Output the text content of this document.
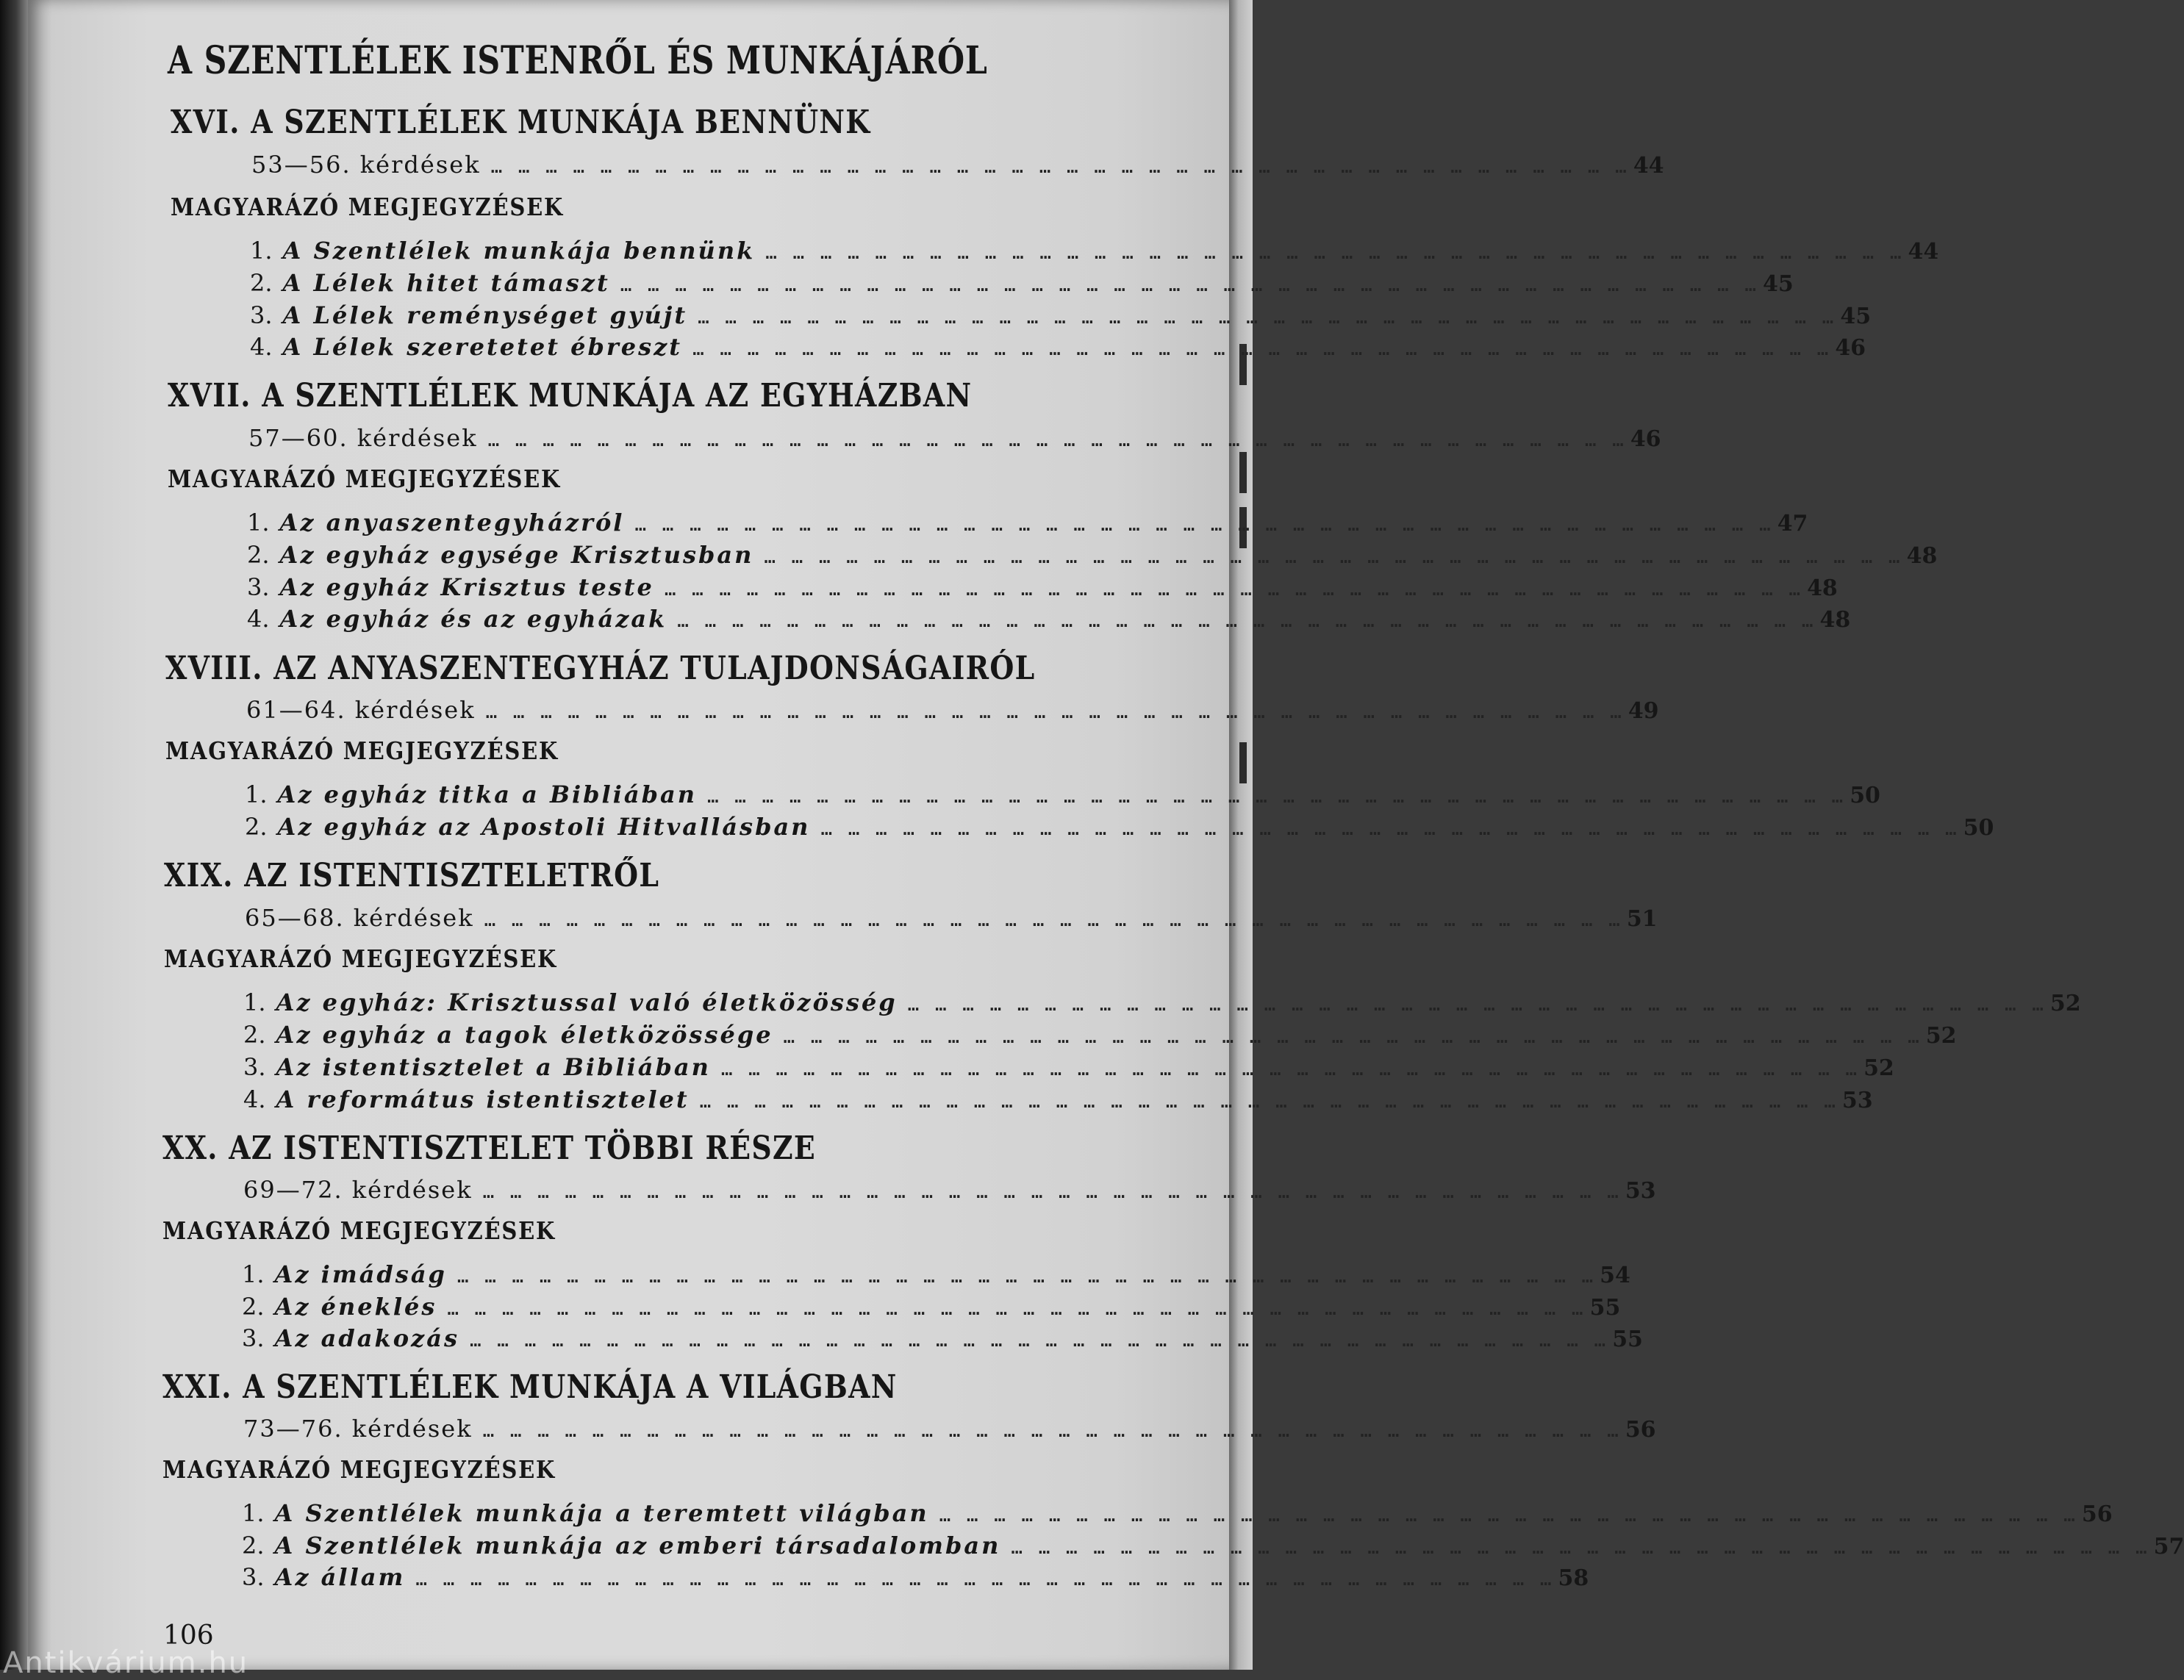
A SZENTLÉLEK ISTENRŐL ÉS MUNKÁJÁRÓL
XVI. A SZENTLÉLEK MUNKÁJA BENNÜNK
53—56. kérdések … … … … … … … … … … … … … … … … … … … … … … … … … … … … … … … … … … … … … … … … … … 44
MAGYARÁZÓ MEGJEGYZÉSEK
1. A Szentlélek munkája bennünk … … … … … … … … … … … … … … … … … … … … … … … … … … … … … … … … … … … … … … … … … … 44
2. A Lélek hitet támaszt … … … … … … … … … … … … … … … … … … … … … … … … … … … … … … … … … … … … … … … … … … 45
3. A Lélek reménységet gyújt … … … … … … … … … … … … … … … … … … … … … … … … … … … … … … … … … … … … … … … … … … 45
4. A Lélek szeretetet ébreszt … … … … … … … … … … … … … … … … … … … … … … … … … … … … … … … … … … … … … … … … … … 46
XVII. A SZENTLÉLEK MUNKÁJA AZ EGYHÁZBAN
57—60. kérdések … … … … … … … … … … … … … … … … … … … … … … … … … … … … … … … … … … … … … … … … … … 46
MAGYARÁZÓ MEGJEGYZÉSEK
1. Az anyaszentegyházról … … … … … … … … … … … … … … … … … … … … … … … … … … … … … … … … … … … … … … … … … … 47
2. Az egyház egysége Krisztusban … … … … … … … … … … … … … … … … … … … … … … … … … … … … … … … … … … … … … … … … … … 48
3. Az egyház Krisztus teste … … … … … … … … … … … … … … … … … … … … … … … … … … … … … … … … … … … … … … … … … … 48
4. Az egyház és az egyházak … … … … … … … … … … … … … … … … … … … … … … … … … … … … … … … … … … … … … … … … … … 48
XVIII. AZ ANYASZENTEGYHÁZ TULAJDONSÁGAIRÓL
61—64. kérdések … … … … … … … … … … … … … … … … … … … … … … … … … … … … … … … … … … … … … … … … … … 49
MAGYARÁZÓ MEGJEGYZÉSEK
1. Az egyház titka a Bibliában … … … … … … … … … … … … … … … … … … … … … … … … … … … … … … … … … … … … … … … … … … 50
2. Az egyház az Apostoli Hitvallásban … … … … … … … … … … … … … … … … … … … … … … … … … … … … … … … … … … … … … … … … … … 50
XIX. AZ ISTENTISZTELETRŐL
65—68. kérdések … … … … … … … … … … … … … … … … … … … … … … … … … … … … … … … … … … … … … … … … … … 51
MAGYARÁZÓ MEGJEGYZÉSEK
1. Az egyház: Krisztussal való életközösség … … … … … … … … … … … … … … … … … … … … … … … … … … … … … … … … … … … … … … … … … … 52
2. Az egyház a tagok életközössége … … … … … … … … … … … … … … … … … … … … … … … … … … … … … … … … … … … … … … … … … … 52
3. Az istentisztelet a Bibliában … … … … … … … … … … … … … … … … … … … … … … … … … … … … … … … … … … … … … … … … … … 52
4. A református istentisztelet … … … … … … … … … … … … … … … … … … … … … … … … … … … … … … … … … … … … … … … … … … 53
XX. AZ ISTENTISZTELET TÖBBI RÉSZE
69—72. kérdések … … … … … … … … … … … … … … … … … … … … … … … … … … … … … … … … … … … … … … … … … … 53
MAGYARÁZÓ MEGJEGYZÉSEK
1. Az imádság … … … … … … … … … … … … … … … … … … … … … … … … … … … … … … … … … … … … … … … … … … 54
2. Az éneklés … … … … … … … … … … … … … … … … … … … … … … … … … … … … … … … … … … … … … … … … … … 55
3. Az adakozás … … … … … … … … … … … … … … … … … … … … … … … … … … … … … … … … … … … … … … … … … … 55
XXI. A SZENTLÉLEK MUNKÁJA A VILÁGBAN
73—76. kérdések … … … … … … … … … … … … … … … … … … … … … … … … … … … … … … … … … … … … … … … … … … 56
MAGYARÁZÓ MEGJEGYZÉSEK
1. A Szentlélek munkája a teremtett világban … … … … … … … … … … … … … … … … … … … … … … … … … … … … … … … … … … … … … … … … … … 56
2. A Szentlélek munkája az emberi társadalomban … … … … … … … … … … … … … … … … … … … … … … … … … … … … … … … … … … … … … … … … … … 57
3. Az állam … … … … … … … … … … … … … … … … … … … … … … … … … … … … … … … … … … … … … … … … … … 58
106
Antikvárium.hu
